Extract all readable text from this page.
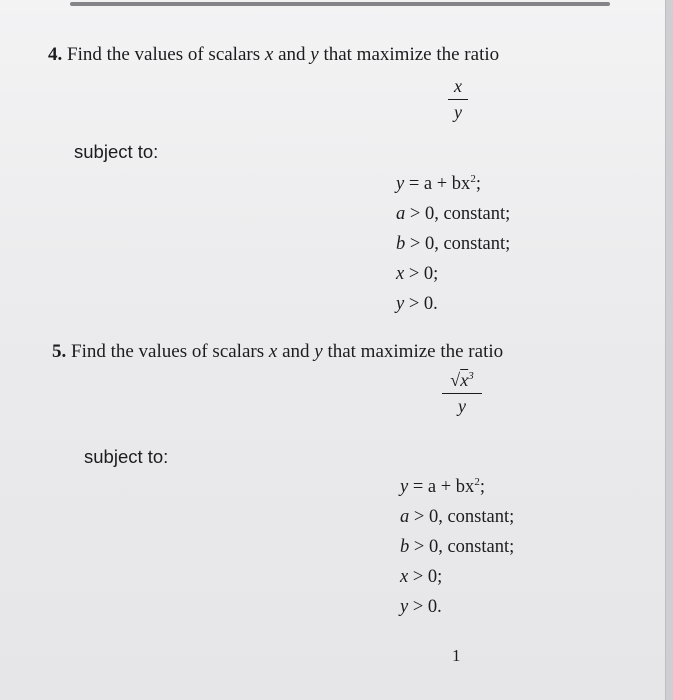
4. Find the values of scalars x and y that maximize the ratio
x
y
subject to:
$y = a + bx^2$;
a > 0, constant;
b > 0, constant;
x > 0;
y > 0.
5. Find the values of scalars x and y that maximize the ratio
$√x^3$
y
subject to:
$y = a + bx^2$;
a > 0, constant;
b > 0, constant;
x > 0;
y > 0.
1
